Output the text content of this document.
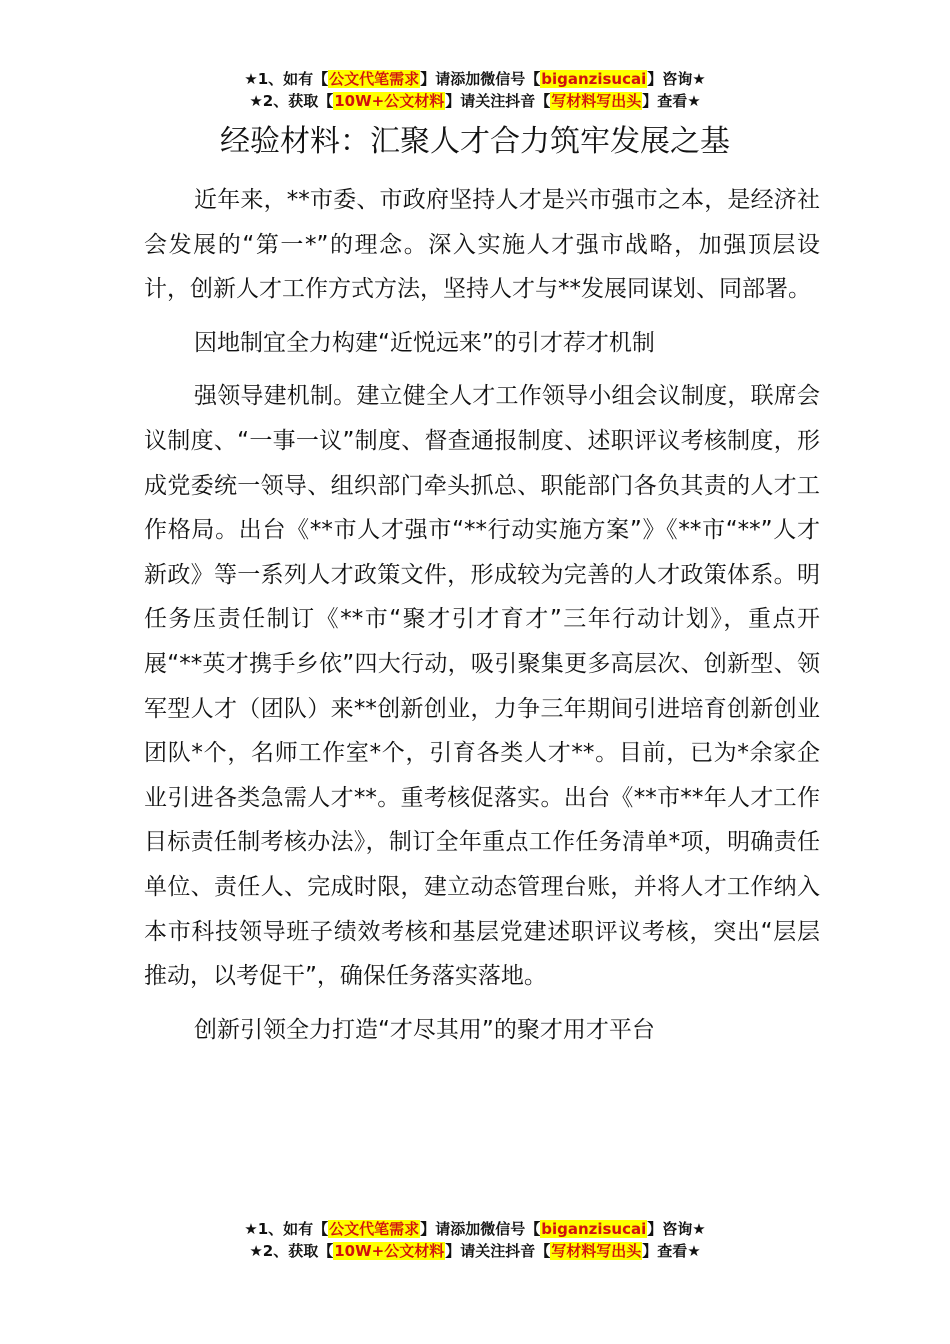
★1、如有【公文代笔需求】请添加微信号【biganzisucai】咨询★
★2、获取【10W+公文材料】请关注抖音【写材料写出头】查看★
经验材料：汇聚人才合力筑牢发展之基

近年来，**市委、市政府坚持人才是兴市强市之本，是经济社会发展的“第一*”的理念。深入实施人才强市战略，加强顶层设计，创新人才工作方式方法，坚持人才与**发展同谋划、同部署。

因地制宜全力构建“近悦远来”的引才荐才机制

强领导建机制。建立健全人才工作领导小组会议制度，联席会议制度、“一事一议”制度、督查通报制度、述职评议考核制度，形成党委统一领导、组织部门牵头抓总、职能部门各负其责的人才工作格局。出台《**市人才强市“**行动实施方案”》《**市“**”人才新政》等一系列人才政策文件，形成较为完善的人才政策体系。明任务压责任制订《**市“聚才引才育才”三年行动计划》，重点开展“**英才携手乡依”四大行动，吸引聚集更多高层次、创新型、领军型人才（团队）来**创新创业，力争三年期间引进培育创新创业团队*个，名师工作室*个，引育各类人才**。目前，已为*余家企业引进各类急需人才**。重考核促落实。出台《**市**年人才工作目标责任制考核办法》，制订全年重点工作任务清单*项，明确责任单位、责任人、完成时限，建立动态管理台账，并将人才工作纳入本市科技领导班子绩效考核和基层党建述职评议考核，突出“层层推动，以考促干”，确保任务落实落地。

创新引领全力打造“才尽其用”的聚才用才平台

★1、如有【公文代笔需求】请添加微信号【biganzisucai】咨询★
★2、获取【10W+公文材料】请关注抖音【写材料写出头】查看★
